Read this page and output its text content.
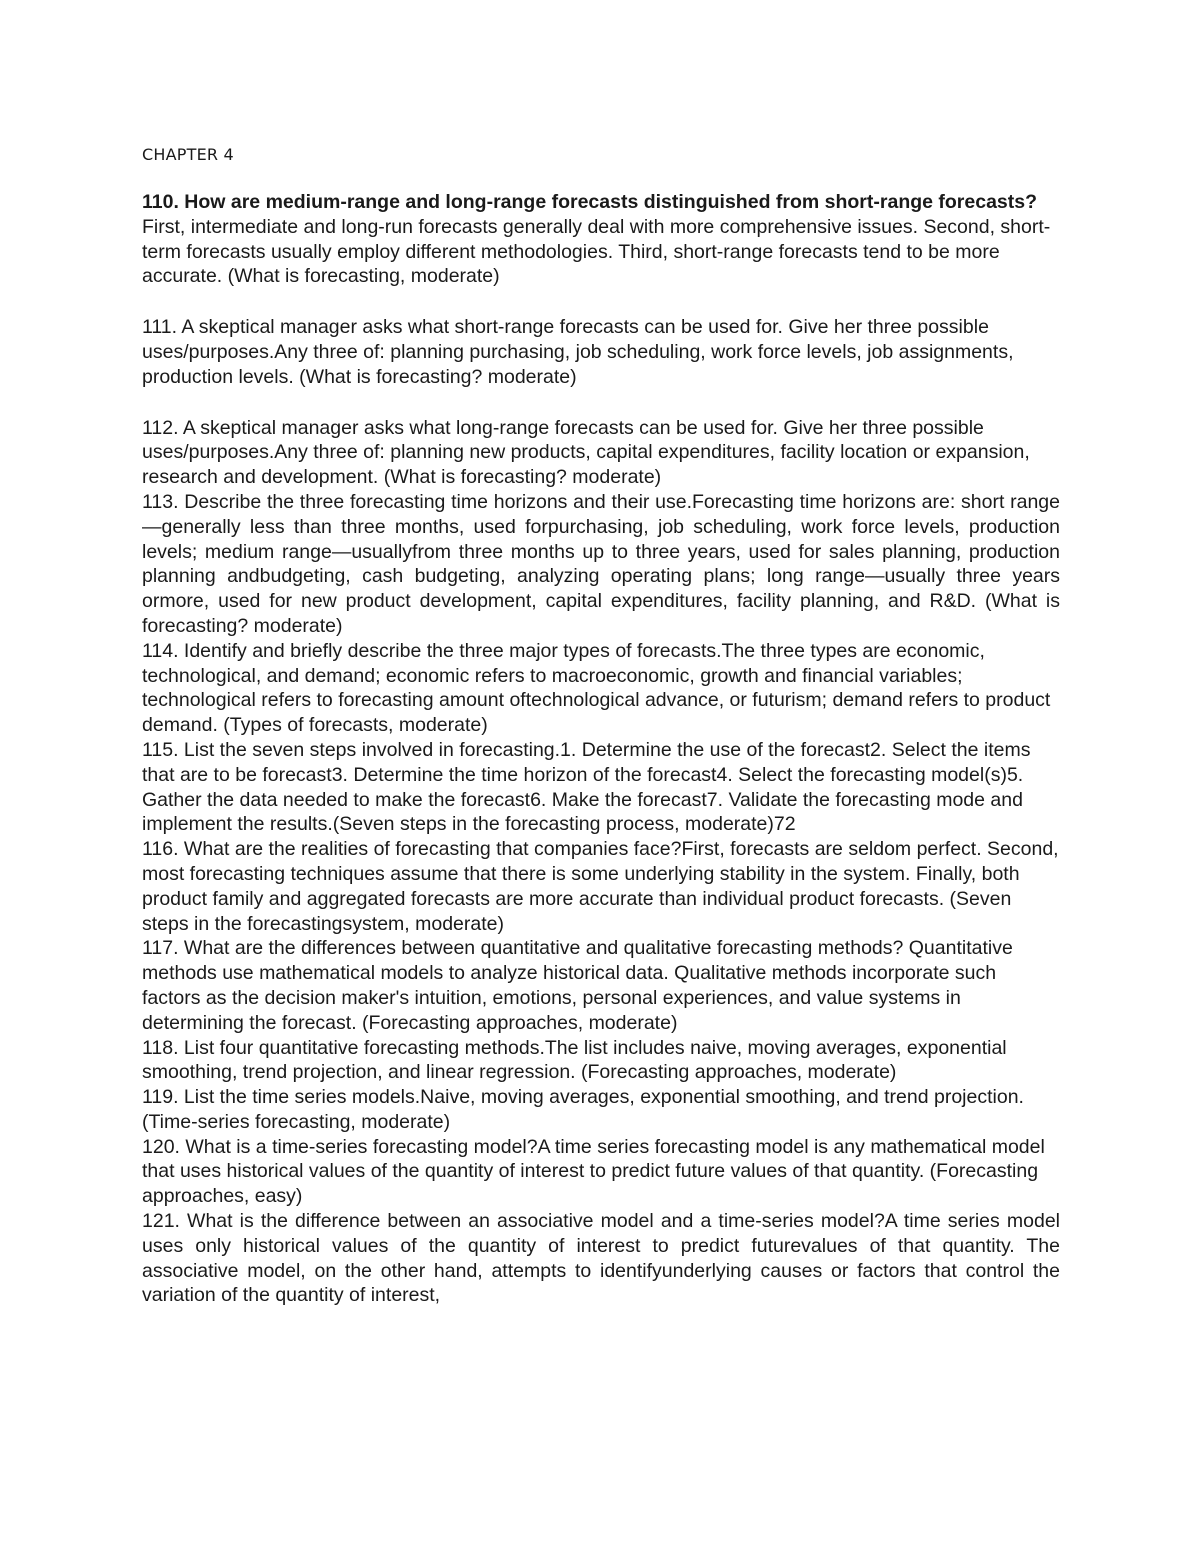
CHAPTER 4

110. How are medium-range and long-range forecasts distinguished from short-range forecasts?First, intermediate and long-run forecasts generally deal with more comprehensive issues. Second, short-term forecasts usually employ different methodologies. Third, short-range forecasts tend to be more accurate. (What is forecasting, moderate)

111. A skeptical manager asks what short-range forecasts can be used for. Give her three possible uses/purposes.Any three of: planning purchasing, job scheduling, work force levels, job assignments, production levels. (What is forecasting? moderate)

112. A skeptical manager asks what long-range forecasts can be used for. Give her three possible uses/purposes.Any three of: planning new products, capital expenditures, facility location or expansion, research and development. (What is forecasting? moderate)

113. Describe the three forecasting time horizons and their use.Forecasting time horizons are: short range—generally less than three months, used forpurchasing, job scheduling, work force levels, production levels; medium range—usuallyfrom three months up to three years, used for sales planning, production planning andbudgeting, cash budgeting, analyzing operating plans; long range—usually three years ormore, used for new product development, capital expenditures, facility planning, and R&D. (What is forecasting? moderate)

114. Identify and briefly describe the three major types of forecasts.The three types are economic, technological, and demand; economic refers to macroeconomic, growth and financial variables; technological refers to forecasting amount oftechnological advance, or futurism; demand refers to product demand. (Types of forecasts, moderate)

115. List the seven steps involved in forecasting.1. Determine the use of the forecast2. Select the items that are to be forecast3. Determine the time horizon of the forecast4. Select the forecasting model(s)5. Gather the data needed to make the forecast6. Make the forecast7. Validate the forecasting mode and implement the results.(Seven steps in the forecasting process, moderate)72

116. What are the realities of forecasting that companies face?First, forecasts are seldom perfect. Second, most forecasting techniques assume that there is some underlying stability in the system. Finally, both product family and aggregated forecasts are more accurate than individual product forecasts. (Seven steps in the forecastingsystem, moderate)

117. What are the differences between quantitative and qualitative forecasting methods? Quantitative methods use mathematical models to analyze historical data. Qualitative methods incorporate such factors as the decision maker's intuition, emotions, personal experiences, and value systems in determining the forecast. (Forecasting approaches, moderate)

118. List four quantitative forecasting methods.The list includes naive, moving averages, exponential smoothing, trend projection, and linear regression. (Forecasting approaches, moderate)

119. List the time series models.Naive, moving averages, exponential smoothing, and trend projection. (Time-series forecasting, moderate)

120. What is a time-series forecasting model?A time series forecasting model is any mathematical model that uses historical values of the quantity of interest to predict future values of that quantity. (Forecasting approaches, easy)

121. What is the difference between an associative model and a time-series model?A time series model uses only historical values of the quantity of interest to predict futurevalues of that quantity. The associative model, on the other hand, attempts to identifyunderlying causes or factors that control the variation of the quantity of interest,
